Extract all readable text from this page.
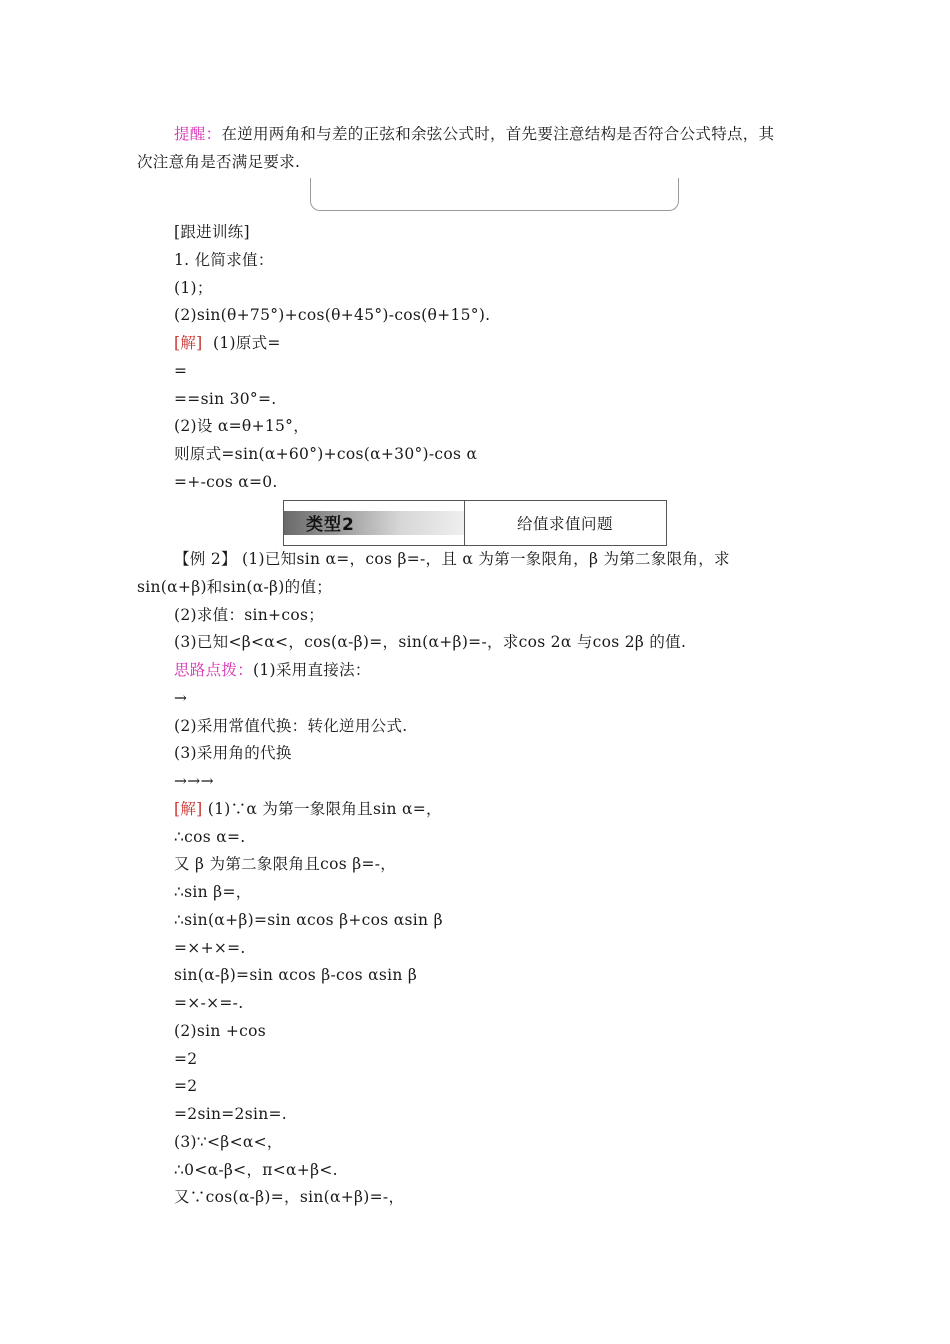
提醒：在逆用两角和与差的正弦和余弦公式时，首先要注意结构是否符合公式特点，其
次注意角是否满足要求.
[跟进训练]
1. 化简求值：
(1)；
(2)sin(θ+75°)+cos(θ+45°)-cos(θ+15°).
[解] (1)原式=
=
==sin 30°=.
(2)设 α=θ+15°，
则原式=sin(α+60°)+cos(α+30°)-cos α
=+-cos α=0.
类型2	给值求值问题
【例 2】 (1)已知sin α=，cos β=-，且 α 为第一象限角，β 为第二象限角，求
sin(α+β)和sin(α-β)的值；
(2)求值：sin+cos；
(3)已知<β<α<，cos(α-β)=，sin(α+β)=-，求cos 2α 与cos 2β 的值.
思路点拨：(1)采用直接法：
→
(2)采用常值代换：转化逆用公式.
(3)采用角的代换
→→→
[解] (1)∵α 为第一象限角且sin α=，
∴cos α=.
又 β 为第二象限角且cos β=-，
∴sin β=，
∴sin(α+β)=sin αcos β+cos αsin β
=×+×=.
sin(α-β)=sin αcos β-cos αsin β
=×-×=-.
(2)sin +cos
=2
=2
=2sin=2sin=.
(3)∵<β<α<，
∴0<α-β<，π<α+β<.
又∵cos(α-β)=，sin(α+β)=-，
